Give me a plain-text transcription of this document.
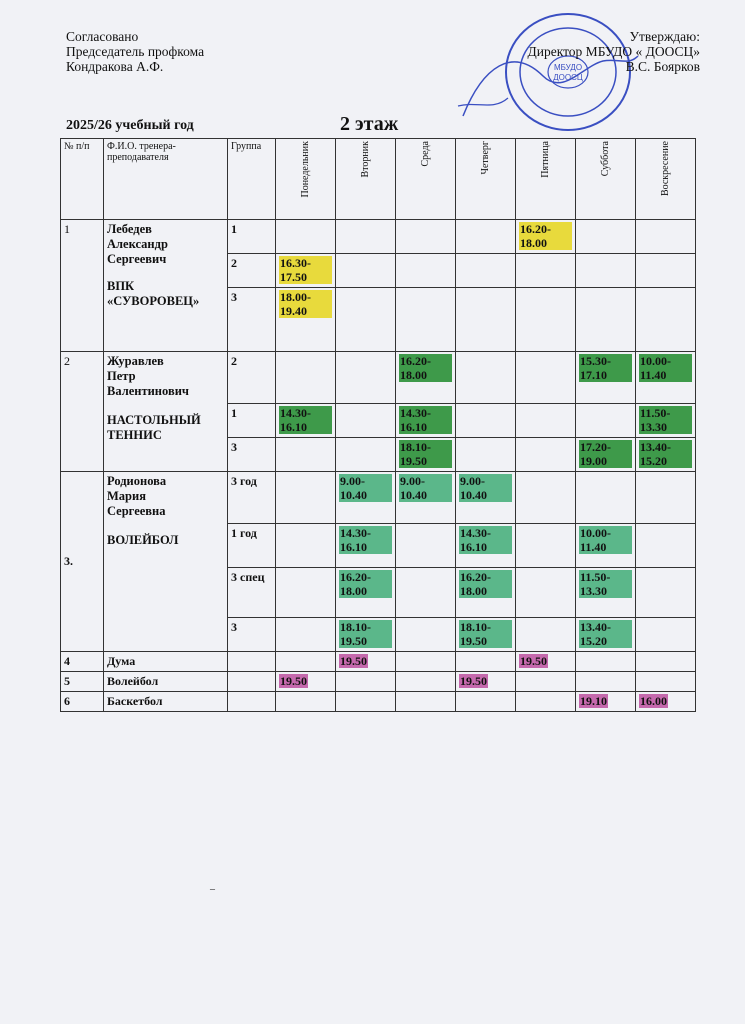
Согласовано
Председатель профкома
Кондракова А.Ф.	МБУДО
ДООСЦ
Утверждаю:
Директор МБУДО « ДООСЦ»
В.С. Боярков
2025/26 учебный год	2 этаж
№ п/п	Ф.И.О. тренера-преподавателя	Группа	Понедельник	Вторник	Среда	Четверг	Пятница	Суббота	Воскресение

1	Лебедев
Александр
Сергеевич
ВПК
«СУВОРОВЕЦ»	1					16.20-18.00		
		2	16.30-17.50						
		3	18.00-19.40						
2	Журавлев
Петр
Валентинович
НАСТОЛЬНЫЙ
ТЕННИС	2			16.20-18.00			15.30-17.10	10.00-11.40
		1	14.30-16.10		14.30-16.10				11.50-13.30
		3			18.10-19.50			17.20-19.00	13.40-15.20
3.	Родионова
Мария
Сергеевна
ВОЛЕЙБОЛ	3 год		9.00-10.40	9.00-10.40	9.00-10.40			
		1 год		14.30-16.10		14.30-16.10		10.00-11.40	
		3 спец		16.20-18.00		16.20-18.00		11.50-13.30	
		3		18.10-19.50		18.10-19.50		13.40-15.20	
4	Дума			19.50			19.50		
5	Волейбол		19.50			19.50			
6	Баскетбол							19.10	16.00
–
